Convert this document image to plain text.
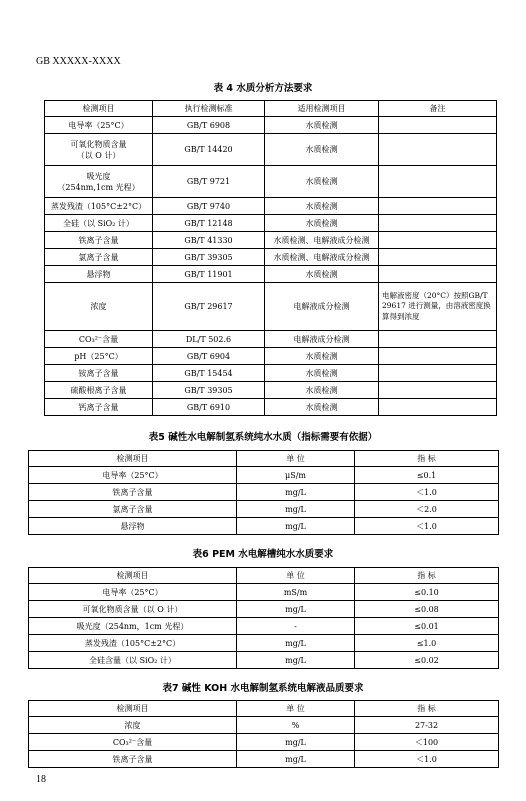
GB XXXXX-XXXX
表 4 水质分析方法要求
检测项目	执行检测标准	适用检测项目	备注
电导率（25°C）	GB/T 6908	水质检测	
可氧化物质含量
（以 O 计）	GB/T 14420	水质检测	
吸光度
（254nm,1cm 光程）	GB/T 9721	水质检测	
蒸发残渣（105°C±2°C）	GB/T 9740	水质检测	
全硅（以 SiO₂ 计）	GB/T 12148	水质检测	
铁离子含量	GB/T 41330	水质检测、电解液成分检测	
氯离子含量	GB/T 39305	水质检测、电解液成分检测	
悬浮物	GB/T 11901	水质检测	
浓度	GB/T 29617	电解液成分检测	电解液密度（20°C）按照GB/T 29617 进行测量，由溶液密度换算得到浓度
CO₃²⁻含量	DL/T 502.6	电解液成分检测	
pH（25°C）	GB/T 6904	水质检测	
铵离子含量	GB/T 15454	水质检测	
硫酸根离子含量	GB/T 39305	水质检测	
钙离子含量	GB/T 6910	水质检测	
表5 碱性水电解制氢系统纯水水质（指标需要有依据）
检测项目	单 位	指 标
电导率（25°C）	μS/m	≤0.1
铁离子含量	mg/L	＜1.0
氯离子含量	mg/L	＜2.0
悬浮物	mg/L	＜1.0
表6 PEM 水电解槽纯水水质要求
检测项目	单 位	指 标
电导率（25°C）	mS/m	≤0.10
可氧化物质含量（以 O 计）	mg/L	≤0.08
吸光度（254nm，1cm 光程）	-	≤0.01
蒸发残渣（105°C±2°C）	mg/L	≤1.0
全硅含量（以 SiO₂ 计）	mg/L	≤0.02
表7 碱性 KOH 水电解制氢系统电解液品质要求
检测项目	单 位	指 标
浓度	%	27-32
CO₃²⁻含量	mg/L	＜100
铁离子含量	mg/L	＜1.0
18
